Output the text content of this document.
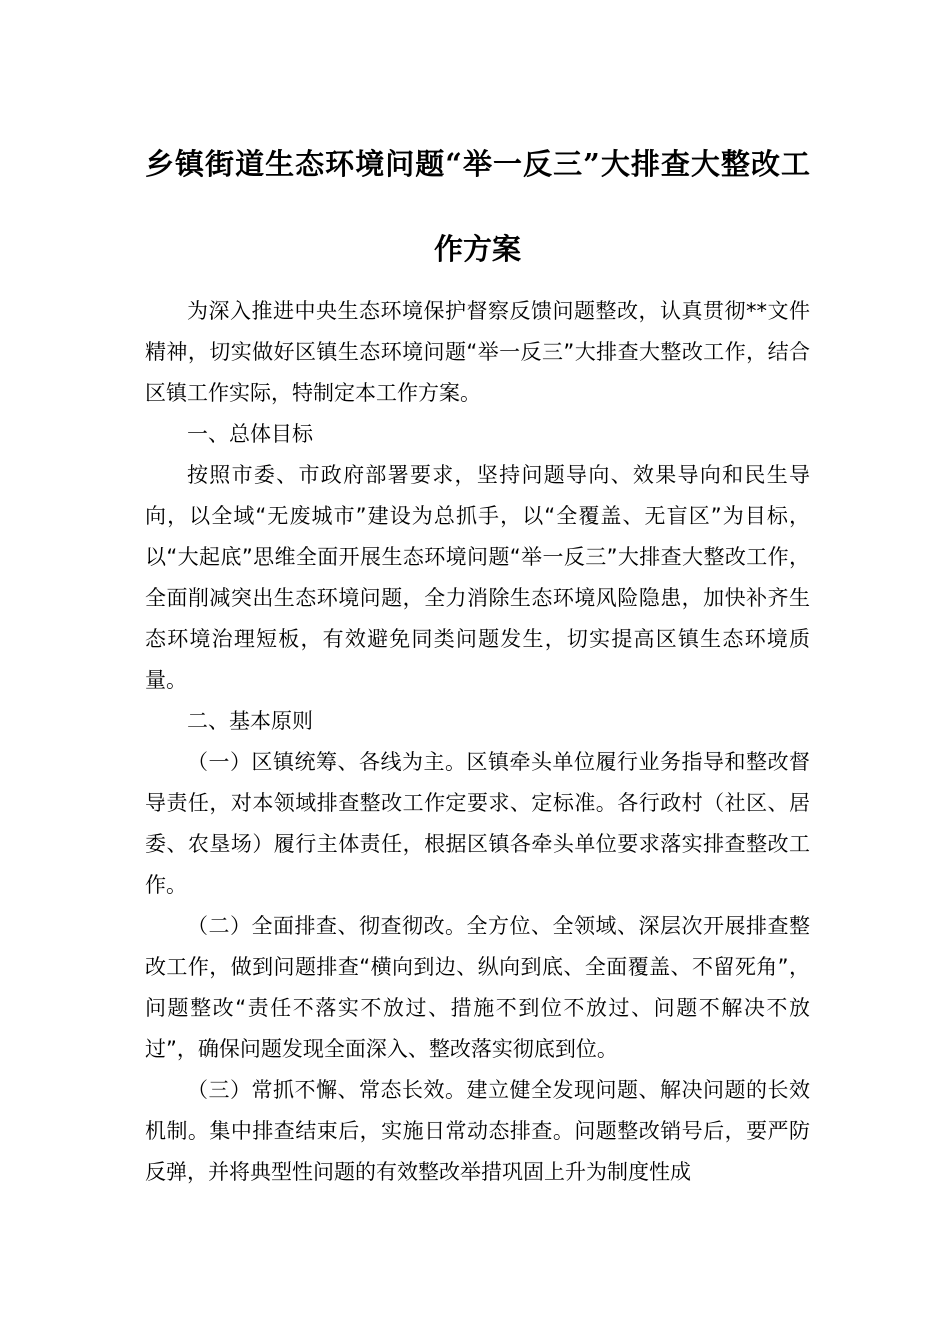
乡镇街道生态环境问题“举一反三”大排查大整改工
作方案

为深入推进中央生态环境保护督察反馈问题整改，认真贯彻**文件精神，切实做好区镇生态环境问题“举一反三”大排查大整改工作，结合区镇工作实际，特制定本工作方案。

一、总体目标

按照市委、市政府部署要求，坚持问题导向、效果导向和民生导向，以全域“无废城市”建设为总抓手，以“全覆盖、无盲区”为目标，以“大起底”思维全面开展生态环境问题“举一反三”大排查大整改工作，全面削减突出生态环境问题，全力消除生态环境风险隐患，加快补齐生态环境治理短板，有效避免同类问题发生，切实提高区镇生态环境质量。

二、基本原则

（一）区镇统筹、各线为主。区镇牵头单位履行业务指导和整改督导责任，对本领域排查整改工作定要求、定标准。各行政村（社区、居委、农垦场）履行主体责任，根据区镇各牵头单位要求落实排查整改工作。

（二）全面排查、彻查彻改。全方位、全领域、深层次开展排查整改工作，做到问题排查“横向到边、纵向到底、全面覆盖、不留死角”，问题整改“责任不落实不放过、措施不到位不放过、问题不解决不放过”，确保问题发现全面深入、整改落实彻底到位。

（三）常抓不懈、常态长效。建立健全发现问题、解决问题的长效机制。集中排查结束后，实施日常动态排查。问题整改销号后，要严防反弹，并将典型性问题的有效整改举措巩固上升为制度性成
